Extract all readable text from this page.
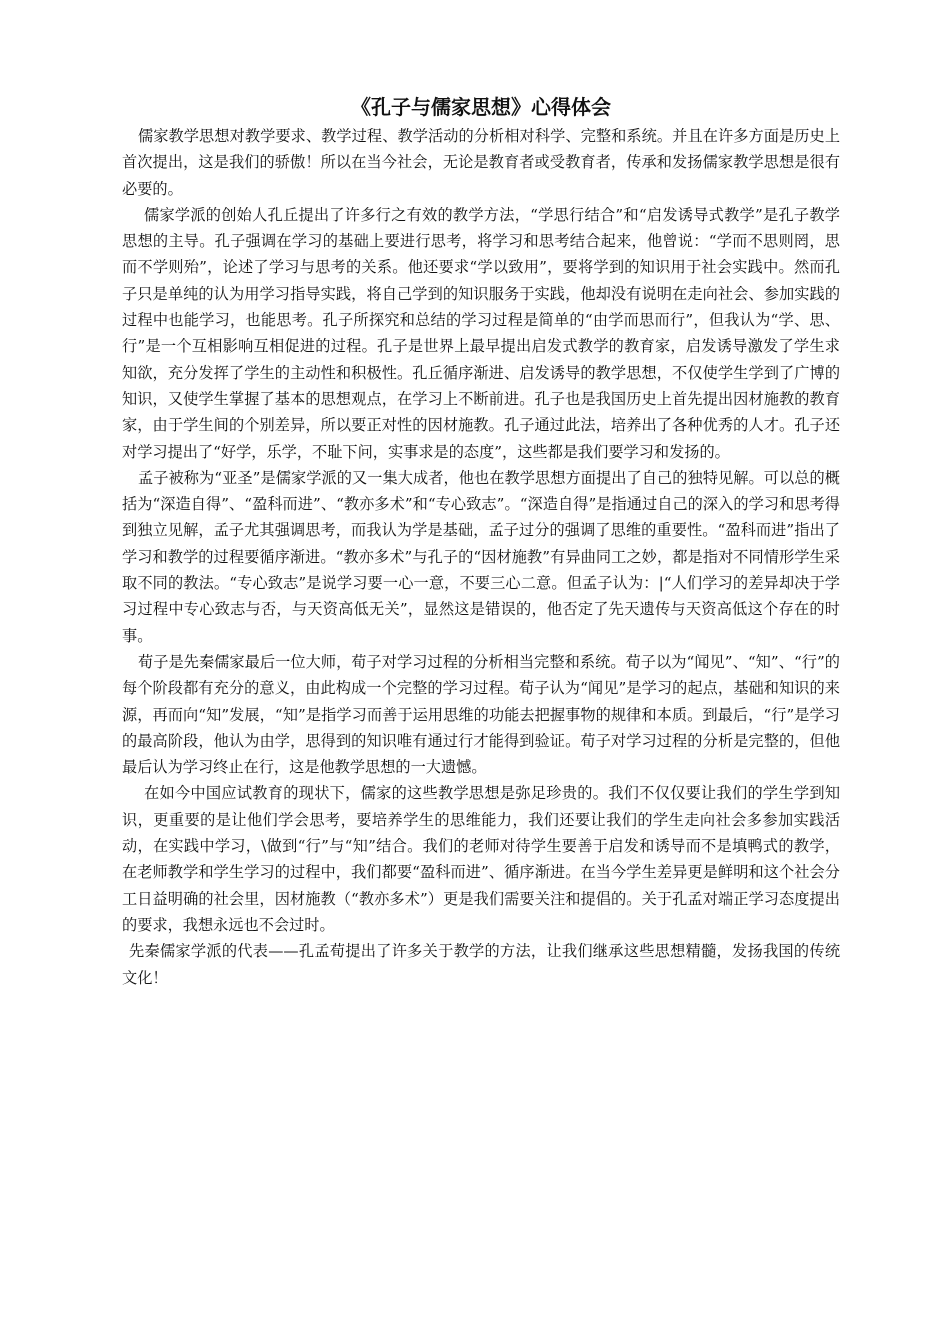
《孔子与儒家思想》心得体会

儒家教学思想对教学要求、教学过程、教学活动的分析相对科学、完整和系统。并且在许多方面是历史上首次提出，这是我们的骄傲！所以在当今社会，无论是教育者或受教育者，传承和发扬儒家教学思想是很有必要的。

儒家学派的创始人孔丘提出了许多行之有效的教学方法，“学思行结合”和“启发诱导式教学”是孔子教学思想的主导。孔子强调在学习的基础上要进行思考，将学习和思考结合起来，他曾说：“学而不思则罔，思而不学则殆”，论述了学习与思考的关系。他还要求“学以致用”，要将学到的知识用于社会实践中。然而孔子只是单纯的认为用学习指导实践，将自己学到的知识服务于实践，他却没有说明在走向社会、参加实践的过程中也能学习，也能思考。孔子所探究和总结的学习过程是简单的“由学而思而行”，但我认为“学、思、行”是一个互相影响互相促进的过程。孔子是世界上最早提出启发式教学的教育家，启发诱导激发了学生求知欲，充分发挥了学生的主动性和积极性。孔丘循序渐进、启发诱导的教学思想，不仅使学生学到了广博的知识，又使学生掌握了基本的思想观点，在学习上不断前进。孔子也是我国历史上首先提出因材施教的教育家，由于学生间的个别差异，所以要正对性的因材施教。孔子通过此法，培养出了各种优秀的人才。孔子还对学习提出了“好学，乐学，不耻下问，实事求是的态度”，这些都是我们要学习和发扬的。

孟子被称为“亚圣”是儒家学派的又一集大成者，他也在教学思想方面提出了自己的独特见解。可以总的概括为“深造自得”、“盈科而进”、“教亦多术”和“专心致志”。“深造自得”是指通过自己的深入的学习和思考得到独立见解，孟子尤其强调思考，而我认为学是基础，孟子过分的强调了思维的重要性。“盈科而进”指出了学习和教学的过程要循序渐进。“教亦多术”与孔子的“因材施教”有异曲同工之妙，都是指对不同情形学生采取不同的教法。“专心致志”是说学习要一心一意，不要三心二意。但孟子认为：|“人们学习的差异却决于学习过程中专心致志与否，与天资高低无关”，显然这是错误的，他否定了先天遗传与天资高低这个存在的时事。

荀子是先秦儒家最后一位大师，荀子对学习过程的分析相当完整和系统。荀子以为“闻见”、“知”、“行”的每个阶段都有充分的意义，由此构成一个完整的学习过程。荀子认为“闻见”是学习的起点，基础和知识的来源，再而向“知”发展，“知”是指学习而善于运用思维的功能去把握事物的规律和本质。到最后，“行”是学习的最高阶段，他认为由学，思得到的知识唯有通过行才能得到验证。荀子对学习过程的分析是完整的，但他最后认为学习终止在行，这是他教学思想的一大遗憾。

在如今中国应试教育的现状下，儒家的这些教学思想是弥足珍贵的。我们不仅仅要让我们的学生学到知识，更重要的是让他们学会思考，要培养学生的思维能力，我们还要让我们的学生走向社会多参加实践活动，在实践中学习，\做到“行”与“知”结合。我们的老师对待学生要善于启发和诱导而不是填鸭式的教学，在老师教学和学生学习的过程中，我们都要“盈科而进”、循序渐进。在当今学生差异更是鲜明和这个社会分工日益明确的社会里，因材施教（“教亦多术”）更是我们需要关注和提倡的。关于孔孟对端正学习态度提出的要求，我想永远也不会过时。

先秦儒家学派的代表——孔孟荀提出了许多关于教学的方法，让我们继承这些思想精髓，发扬我国的传统文化！
